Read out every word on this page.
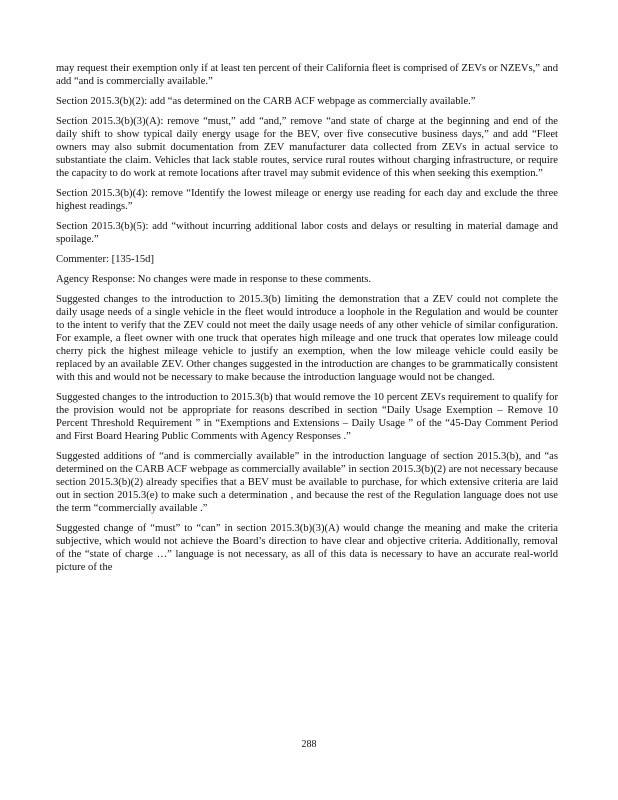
may request their exemption only if at least ten percent of their California fleet is comprised of ZEVs or NZEVs,” and add “and is commercially available.”

Section 2015.3(b)(2): add “as determined on the CARB ACF webpage as commercially available.”

Section 2015.3(b)(3)(A): remove “must,” add “and,” remove “and state of charge at the beginning and end of the daily shift to show typical daily energy usage for the BEV, over five consecutive business days,” and add “Fleet owners may also submit documentation from ZEV manufacturer data collected from ZEVs in actual service to substantiate the claim. Vehicles that lack stable routes, service rural routes without charging infrastructure, or require the capacity to do work at remote locations after travel may submit evidence of this when seeking this exemption.”

Section 2015.3(b)(4): remove “Identify the lowest mileage or energy use reading for each day and exclude the three highest readings.”

Section 2015.3(b)(5): add “without incurring additional labor costs and delays or resulting in material damage and spoilage.”

Commenter: [135-15d]

Agency Response: No changes were made in response to these comments.

Suggested changes to the introduction to 2015.3(b) limiting the demonstration that a ZEV could not complete the daily usage needs of a single vehicle in the fleet would introduce a loophole in the Regulation and would be counter to the intent to verify that the ZEV could not meet the daily usage needs of any other vehicle of similar configuration. For example, a fleet owner with one truck that operates high mileage and one truck that operates low mileage could cherry pick the highest mileage vehicle to justify an exemption, when the low mileage vehicle could easily be replaced by an available ZEV. Other changes suggested in the introduction are changes to be grammatically consistent with this and would not be necessary to make because the introduction language would not be changed.

Suggested changes to the introduction to 2015.3(b) that would remove the 10 percent ZEVs requirement to qualify for the provision would not be appropriate for reasons described in section “Daily Usage Exemption – Remove 10 Percent Threshold Requirement ” in “Exemptions and Extensions – Daily Usage ” of the “45-Day Comment Period and First Board Hearing Public Comments with Agency Responses .”

Suggested additions of “and is commercially available” in the introduction language of section 2015.3(b), and “as determined on the CARB ACF webpage as commercially available” in section 2015.3(b)(2) are not necessary because section 2015.3(b)(2) already specifies that a BEV must be available to purchase, for which extensive criteria are laid out in section 2015.3(e) to make such a determination , and because the rest of the Regulation language does not use the term “commercially available .”

Suggested change of “must” to “can” in section 2015.3(b)(3)(A) would change the meaning and make the criteria subjective, which would not achieve the Board’s direction to have clear and objective criteria. Additionally, removal of the “state of charge …” language is not necessary, as all of this data is necessary to have an accurate real-world picture of the

288
